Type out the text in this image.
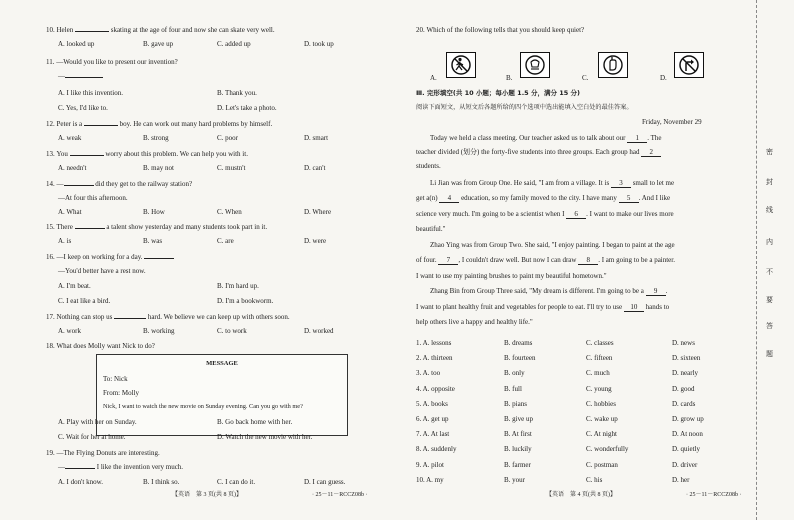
10. Helen	skating at the age of four and now she can skate very well.
A. looked up	B. gave up	C. added up	D. took up
11. —Would you like to present our invention?
—
A. I like this invention.	B. Thank you.
C. Yes, I'd like to.	D. Let's take a photo.
12. Peter is a	boy. He can work out many hard problems by himself.
A. weak	B. strong	C. poor	D. smart
13. You	worry about this problem. We can help you with it.
A. needn't	B. may not	C. mustn't	D. can't
14. —	did they get to the railway station?
—At four this afternoon.
A. What	B. How	C. When	D. Where
15. There	a talent show yesterday and many students took part in it.
A. is	B. was	C. are	D. were
16. —I keep on working for a day.
—You'd better have a rest now.
A. I'm beat.	B. I'm hard up.
C. I eat like a bird.	D. I'm a bookworm.
17. Nothing can stop us	hard. We believe we can keep up with others soon.
A. work	B. working	C. to work	D. worked
18. What does Molly want Nick to do?
MESSAGE
To: Nick
From: Molly
Nick, I want to watch the new movie on Sunday evening. Can you go with me?
A. Play with her on Sunday.	B. Go back home with her.
C. Wait for her at home.	D. Watch the new movie with her.
19. —The Flying Donuts are interesting.
—	I like the invention very much.
A. I don't know.	B. I think so.	C. I can do it.	D. I can guess.
【英语　第 3 页(共 8 页)】	· 25－11－RCCZ08b ·
20. Which of the following tells that you should keep quiet?
A.	B.	C.	D.
Ⅲ. 完形填空(共 10 小题；每小题 1.5 分，满分 15 分)
阅读下面短文，从短文后各题所给的四个选项中选出能填入空白处的最佳答案。
Friday, November 29
Today we held a class meeting. Our teacher asked us to talk about our 1 . The
teacher divided (划分) the forty-five students into three groups. Each group had 2
students.
Li Jian was from Group One. He said, "I am from a village. It is 3 small to let me
get a(n) 4 education, so my family moved to the city. I have many 5 . And I like
science very much. I'm going to be a scientist when I 6 . I want to make our lives more
beautiful."
Zhao Ying was from Group Two. She said, "I enjoy painting. I began to paint at the age
of four. 7 , I couldn't draw well. But now I can draw 8 . I am going to be a painter.
I want to use my painting brushes to paint my beautiful hometown."
Zhang Bin from Group Three said, "My dream is different. I'm going to be a 9 .
I want to plant healthy fruit and vegetables for people to eat. I'll try to use 10 hands to
help others live a happy and healthy life."
1. A. lessons	B. dreams	C. classes	D. news
2. A. thirteen	B. fourteen	C. fifteen	D. sixteen
3. A. too	B. only	C. much	D. nearly
4. A. opposite	B. full	C. young	D. good
5. A. books	B. pians	C. hobbies	D. cards
6. A. get up	B. give up	C. wake up	D. grow up
7. A. At last	B. At first	C. At night	D. At noon
8. A. suddenly	B. luckily	C. wonderfully	D. quietly
9. A. pilot	B. farmer	C. postman	D. driver
10. A. my	B. your	C. his	D. her
【英语　第 4 页(共 8 页)】	· 25－11－RCCZ08b ·
密
封
线
内
不
要
答
题
